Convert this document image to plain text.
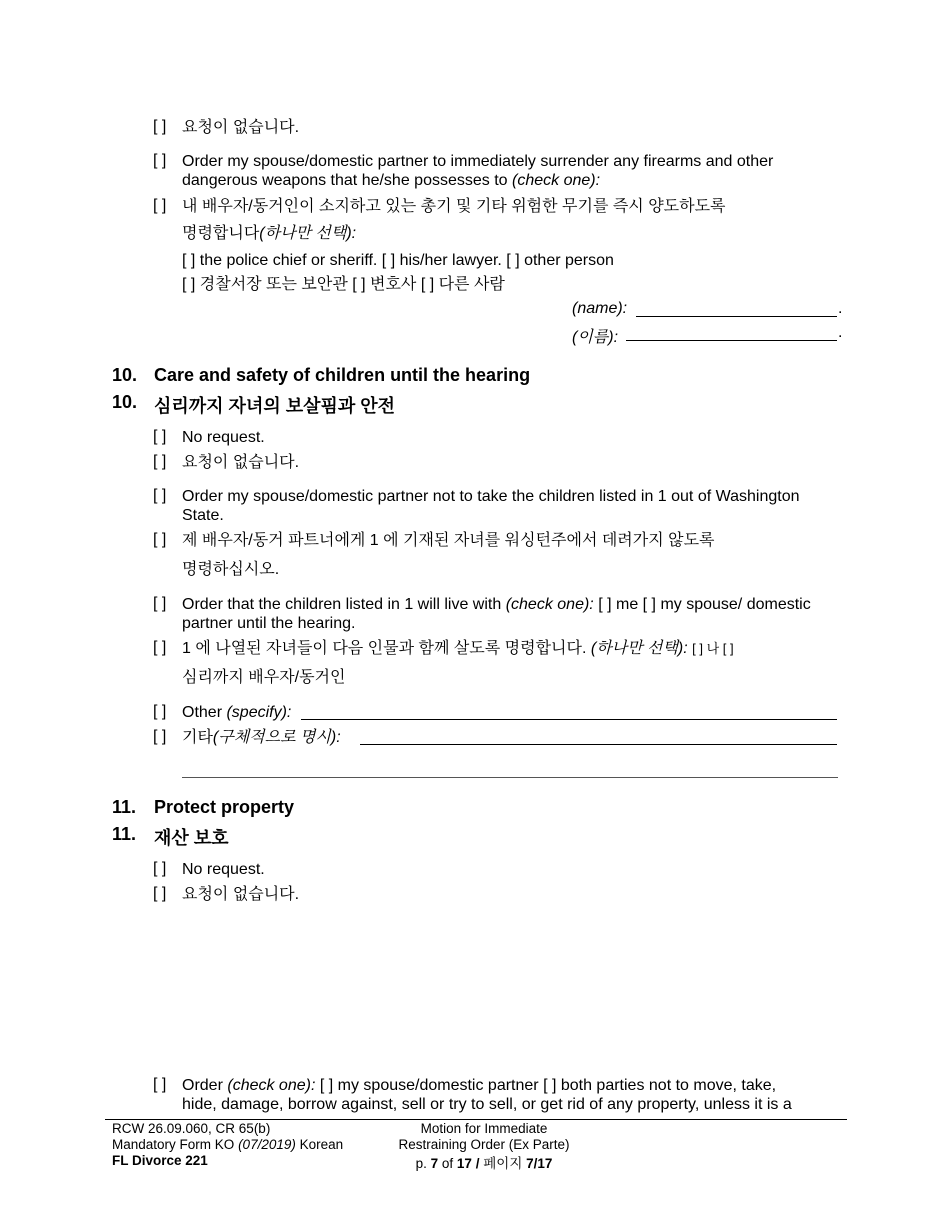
[ ] 요청이 없습니다.
[ ] Order my spouse/domestic partner to immediately surrender any firearms and other
dangerous weapons that he/she possesses to (check one):
[ ] 내 배우자/동거인이 소지하고 있는 총기 및 기타 위험한 무기를 즉시 양도하도록
명령합니다(하나만 선택):
[ ] the police chief or sheriff. [ ] his/her lawyer. [ ] other person
[ ] 경찰서장 또는 보안관 [ ] 변호사 [ ] 다른 사람
(name):	.
(이름):	.
10. Care and safety of children until the hearing
10. 심리까지 자녀의 보살핌과 안전
[ ] No request.
[ ] 요청이 없습니다.
[ ] Order my spouse/domestic partner not to take the children listed in 1 out of Washington
State.
[ ] 제 배우자/동거 파트너에게 1 에 기재된 자녀를 워싱턴주에서 데려가지 않도록
명령하십시오.
[ ] Order that the children listed in 1 will live with (check one): [ ] me [ ] my spouse/ domestic
partner until the hearing.
[ ] 1 에 나열된 자녀들이 다음 인물과 함께 살도록 명령합니다. (하나만 선택): [ ] 나 [ ]
심리까지 배우자/동거인
[ ] Other (specify):
[ ] 기타(구체적으로 명시):
11. Protect property
11. 재산 보호
[ ] No request.
[ ] 요청이 없습니다.
[ ] Order (check one): [ ] my spouse/domestic partner [ ] both parties not to move, take,
hide, damage, borrow against, sell or try to sell, or get rid of any property, unless it is a
RCW 26.09.060, CR 65(b)
Mandatory Form KO (07/2019) Korean
FL Divorce 221
Motion for Immediate
Restraining Order (Ex Parte)
p. 7 of 17 / 페이지 7/17
